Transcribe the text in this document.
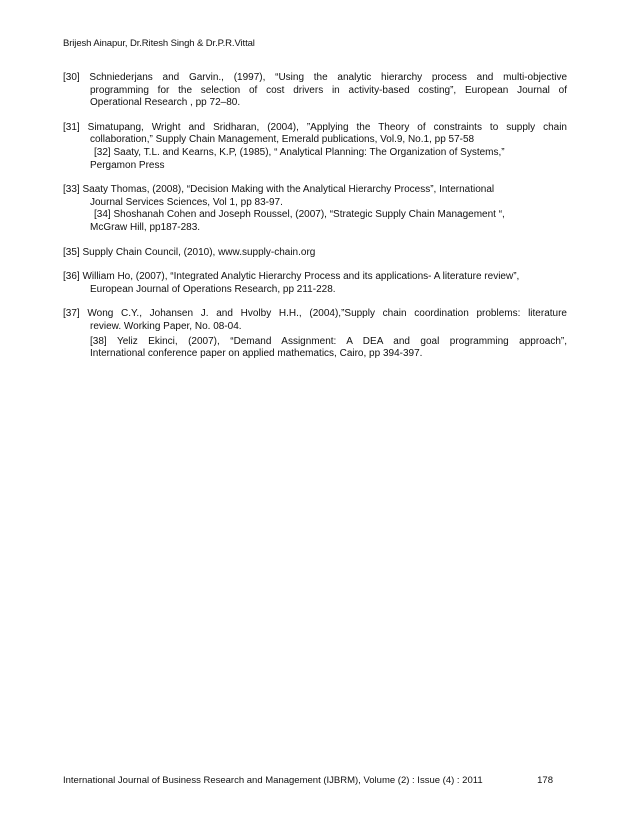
Brijesh Ainapur, Dr.Ritesh Singh & Dr.P.R.Vittal
[30] Schniederjans and Garvin., (1997), “Using the analytic hierarchy process and multi-objective
programming for the selection of cost drivers in activity-based costing”, European Journal of
Operational Research , pp 72–80.
[31] Simatupang, Wright and Sridharan, (2004), ”Applying the Theory of constraints to supply chain
collaboration,” Supply Chain Management, Emerald publications, Vol.9, No.1, pp 57-58
[32] Saaty, T.L. and Kearns, K.P, (1985), “ Analytical Planning: The Organization of Systems,”
Pergamon Press
[33] Saaty Thomas, (2008), “Decision Making with the Analytical Hierarchy Process”, International
Journal Services Sciences, Vol 1, pp 83-97.
[34] Shoshanah Cohen and Joseph Roussel, (2007), “Strategic Supply Chain Management “,
McGraw Hill, pp187-283.
[35] Supply Chain Council, (2010), www.supply-chain.org
[36] William Ho, (2007), “Integrated Analytic Hierarchy Process and its applications- A literature review”,
European Journal of Operations Research, pp 211-228.
[37] Wong C.Y., Johansen J. and Hvolby H.H., (2004),”Supply chain coordination problems: literature
review. Working Paper, No. 08-04.
[38] Yeliz Ekinci, (2007), “Demand Assignment: A DEA and goal programming approach”,
International conference paper on applied mathematics, Cairo, pp 394-397.
International Journal of Business Research and Management (IJBRM), Volume (2) : Issue (4) : 2011	178
